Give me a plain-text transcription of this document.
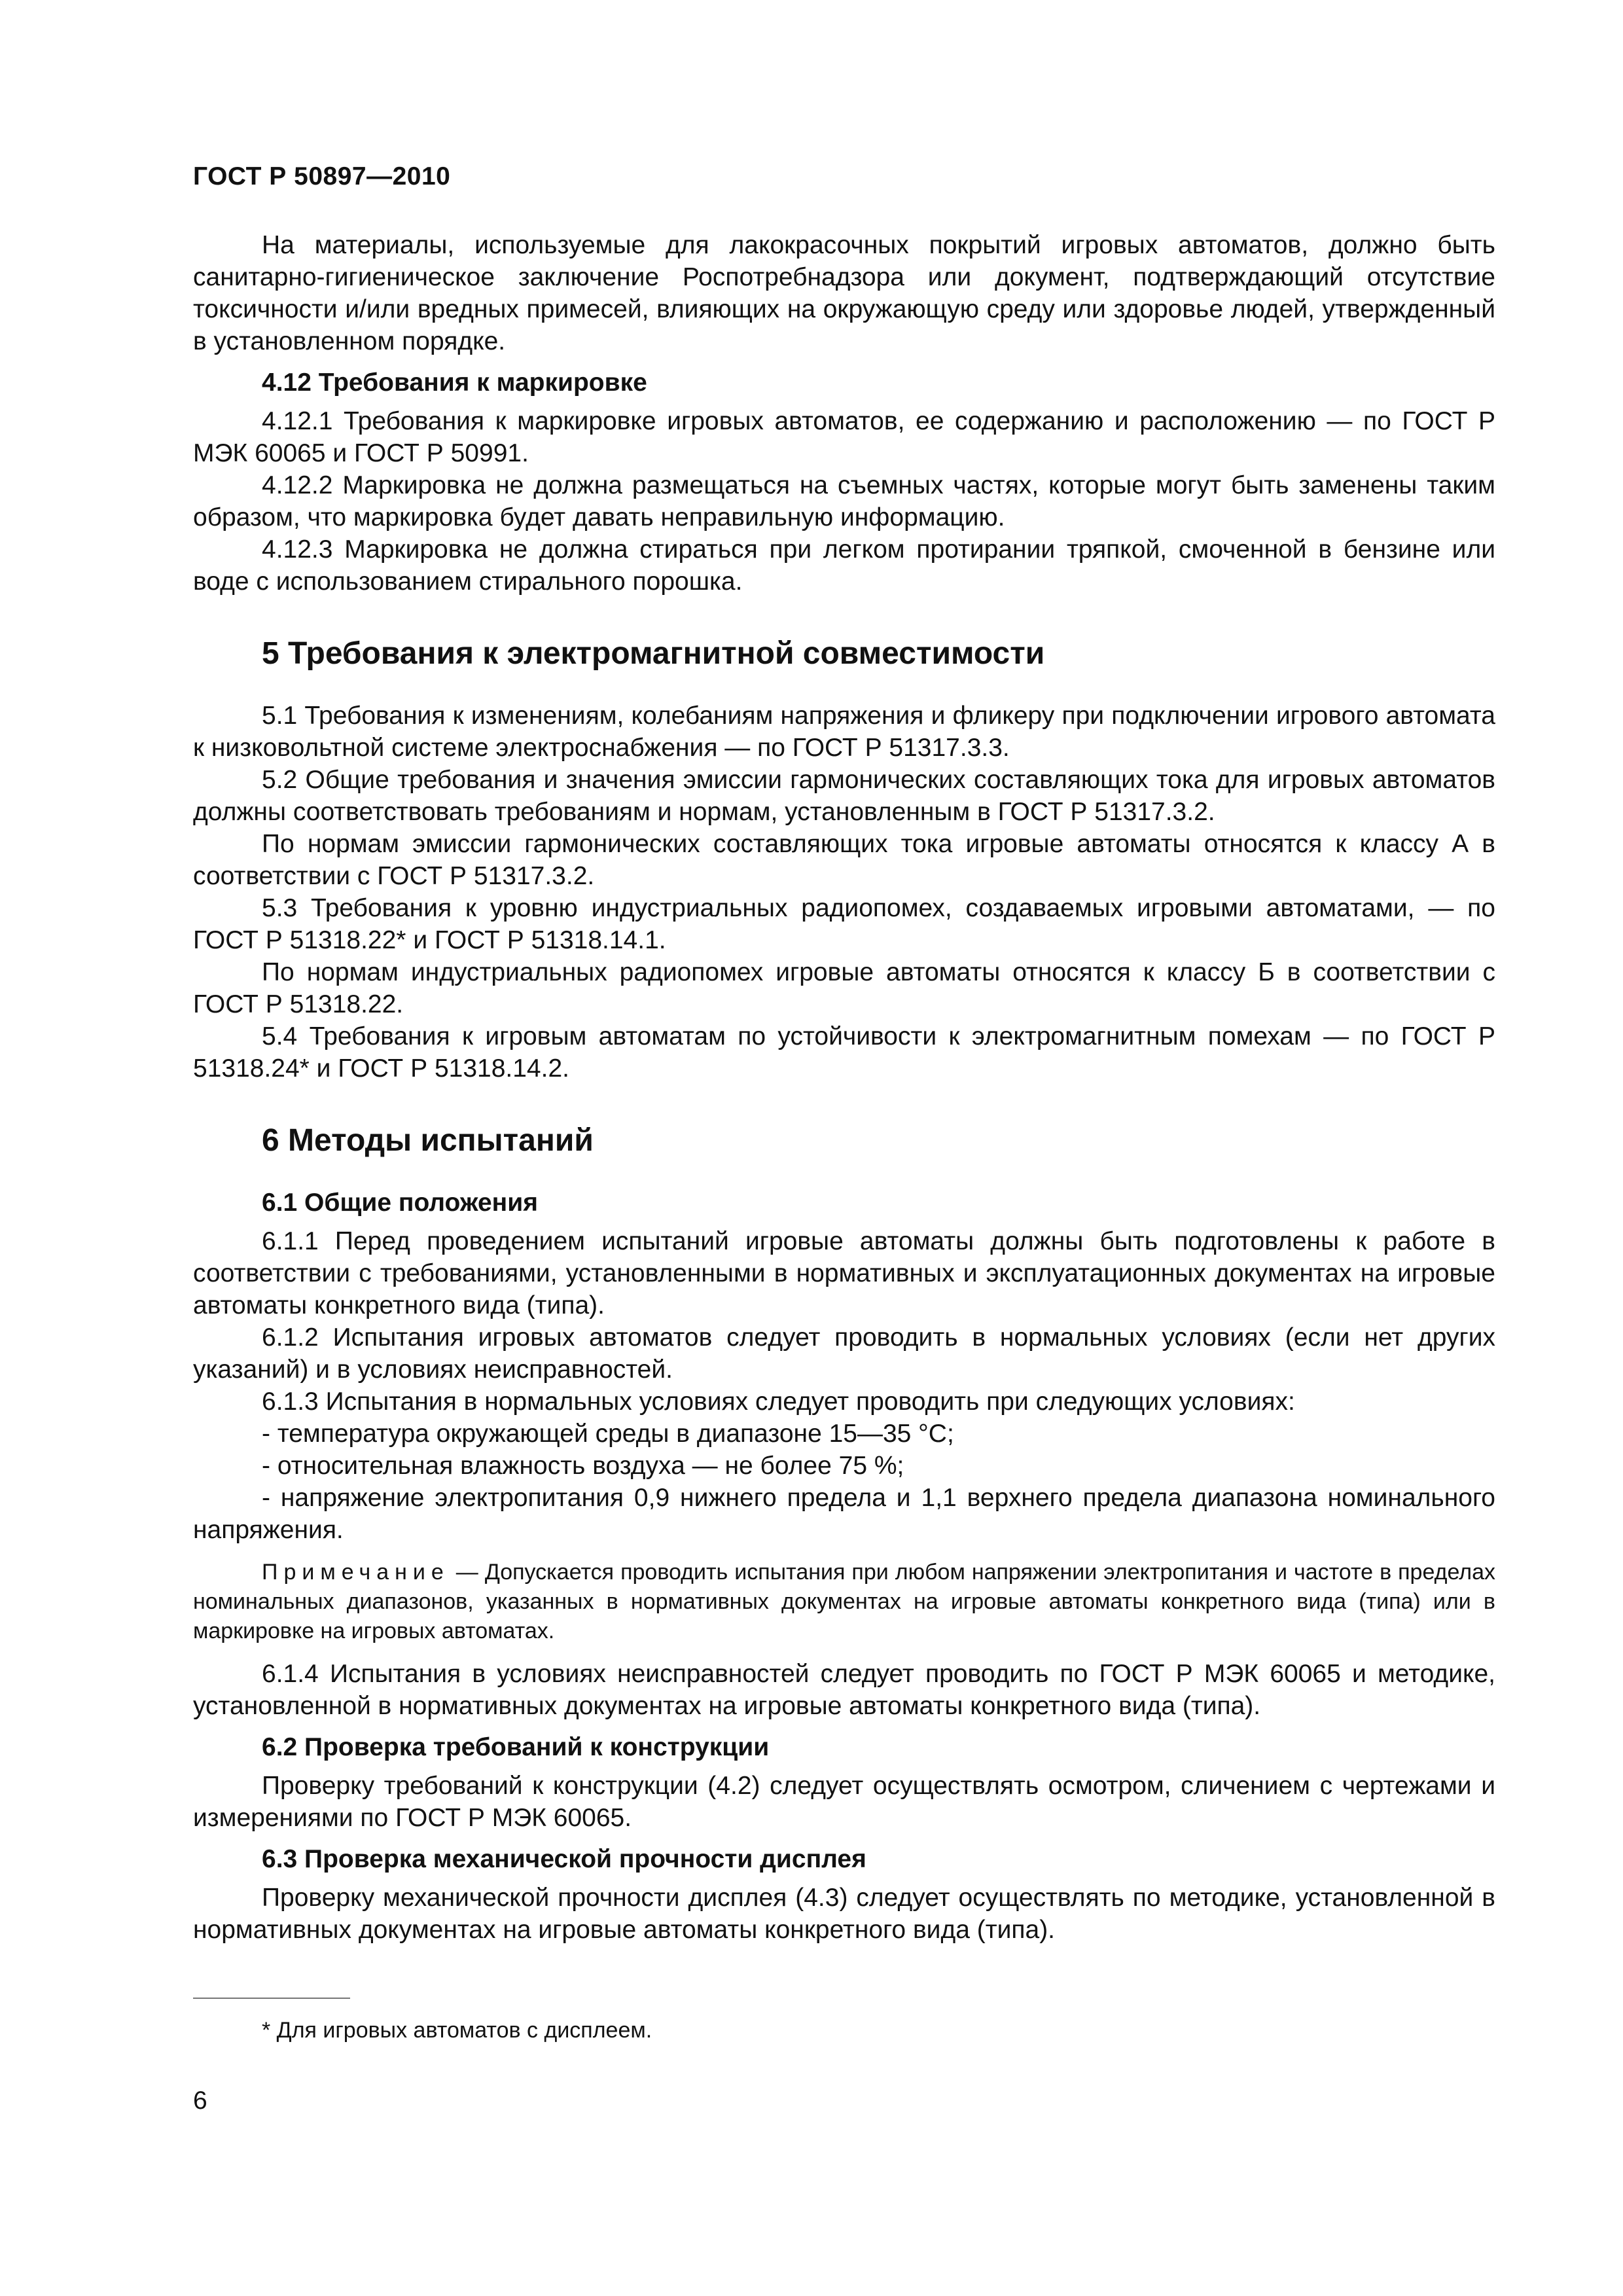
ГОСТ Р 50897—2010

На материалы, используемые для лакокрасочных покрытий игровых автоматов, должно быть санитарно-гигиеническое заключение Роспотребнадзора или документ, подтверждающий отсутствие токсичности и/или вредных примесей, влияющих на окружающую среду или здоровье людей, утвержденный в установленном порядке.

4.12 Требования к маркировке

4.12.1 Требования к маркировке игровых автоматов, ее содержанию и расположению — по ГОСТ Р МЭК 60065 и ГОСТ Р 50991.

4.12.2 Маркировка не должна размещаться на съемных частях, которые могут быть заменены таким образом, что маркировка будет давать неправильную информацию.

4.12.3 Маркировка не должна стираться при легком протирании тряпкой, смоченной в бензине или воде с использованием стирального порошка.

5 Требования к электромагнитной совместимости

5.1 Требования к изменениям, колебаниям напряжения и фликеру при подключении игрового автомата к низковольтной системе электроснабжения — по ГОСТ Р 51317.3.3.

5.2 Общие требования и значения эмиссии гармонических составляющих тока для игровых автоматов должны соответствовать требованиям и нормам, установленным в ГОСТ Р 51317.3.2.

По нормам эмиссии гармонических составляющих тока игровые автоматы относятся к классу А в соответствии с ГОСТ Р 51317.3.2.

5.3 Требования к уровню индустриальных радиопомех, создаваемых игровыми автоматами, — по ГОСТ Р 51318.22* и ГОСТ Р 51318.14.1.

По нормам индустриальных радиопомех игровые автоматы относятся к классу Б в соответствии с ГОСТ Р 51318.22.

5.4 Требования к игровым автоматам по устойчивости к электромагнитным помехам — по ГОСТ Р 51318.24* и ГОСТ Р 51318.14.2.

6 Методы испытаний

6.1 Общие положения

6.1.1 Перед проведением испытаний игровые автоматы должны быть подготовлены к работе в соответствии с требованиями, установленными в нормативных и эксплуатационных документах на игровые автоматы конкретного вида (типа).

6.1.2 Испытания игровых автоматов следует проводить в нормальных условиях (если нет других указаний) и в условиях неисправностей.

6.1.3 Испытания в нормальных условиях следует проводить при следующих условиях:

- температура окружающей среды в диапазоне 15—35 °С;

- относительная влажность воздуха — не более 75 %;

- напряжение электропитания 0,9 нижнего предела и 1,1 верхнего предела диапазона номинального напряжения.

Примечание — Допускается проводить испытания при любом напряжении электропитания и частоте в пределах номинальных диапазонов, указанных в нормативных документах на игровые автоматы конкретного вида (типа) или в маркировке на игровых автоматах.

6.1.4 Испытания в условиях неисправностей следует проводить по ГОСТ Р МЭК 60065 и методике, установленной в нормативных документах на игровые автоматы конкретного вида (типа).

6.2 Проверка требований к конструкции

Проверку требований к конструкции (4.2) следует осуществлять осмотром, сличением с чертежами и измерениями по ГОСТ Р МЭК 60065.

6.3 Проверка механической прочности дисплея

Проверку механической прочности дисплея (4.3) следует осуществлять по методике, установленной в нормативных документах на игровые автоматы конкретного вида (типа).

* Для игровых автоматов с дисплеем.
6
